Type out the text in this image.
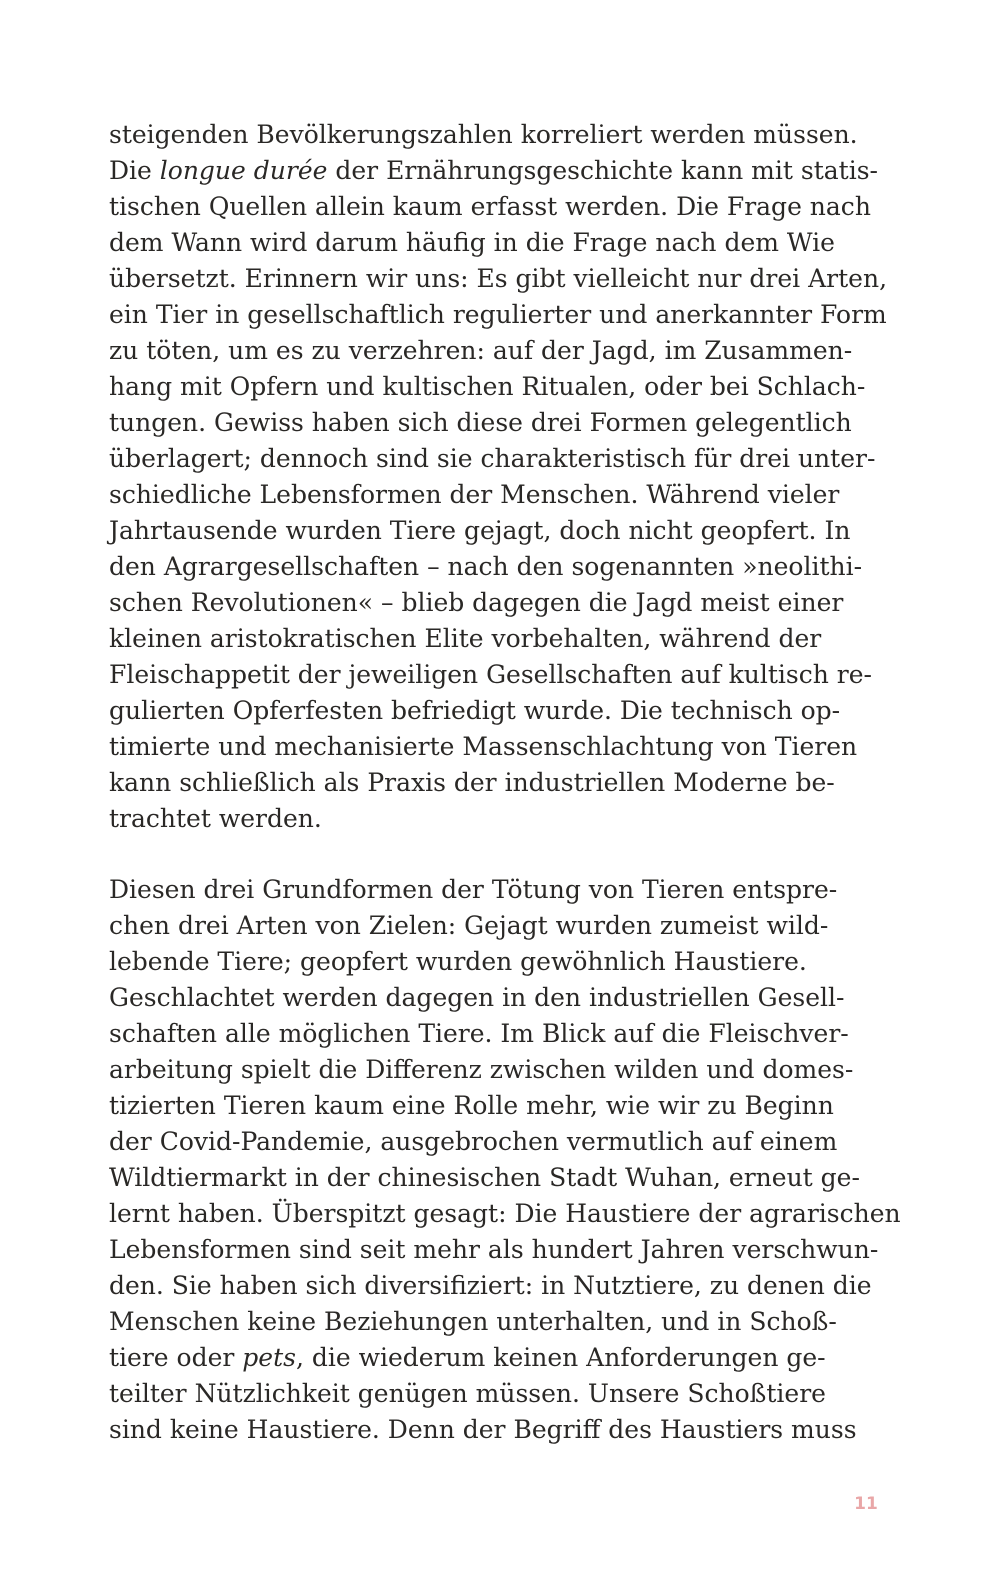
steigenden Bevölkerungszahlen korreliert werden müssen.
Die longue durée der Ernährungsgeschichte kann mit statis-
tischen Quellen allein kaum erfasst werden. Die Frage nach
dem Wann wird darum häufig in die Frage nach dem Wie
übersetzt. Erinnern wir uns: Es gibt vielleicht nur drei Arten,
ein Tier in gesellschaftlich regulierter und anerkannter Form
zu töten, um es zu verzehren: auf der Jagd, im Zusammen-
hang mit Opfern und kultischen Ritualen, oder bei Schlach-
tungen. Gewiss haben sich diese drei Formen gelegentlich
überlagert; dennoch sind sie charakteristisch für drei unter-
schiedliche Lebensformen der Menschen. Während vieler
Jahrtausende wurden Tiere gejagt, doch nicht geopfert. In
den Agrargesellschaften – nach den sogenannten »neolithi-
schen Revolutionen« – blieb dagegen die Jagd meist einer
kleinen aristokratischen Elite vorbehalten, während der
Fleischappetit der jeweiligen Gesellschaften auf kultisch re-
gulierten Opferfesten befriedigt wurde. Die technisch op-
timierte und mechanisierte Massenschlachtung von Tieren
kann schließlich als Praxis der industriellen Moderne be-
trachtet werden.
Diesen drei Grundformen der Tötung von Tieren entspre-
chen drei Arten von Zielen: Gejagt wurden zumeist wild-
lebende Tiere; geopfert wurden gewöhnlich Haustiere.
Geschlachtet werden dagegen in den industriellen Gesell-
schaften alle möglichen Tiere. Im Blick auf die Fleischver-
arbeitung spielt die Differenz zwischen wilden und domes-
tizierten Tieren kaum eine Rolle mehr, wie wir zu Beginn
der Covid-Pandemie, ausgebrochen vermutlich auf einem
Wildtiermarkt in der chinesischen Stadt Wuhan, erneut ge-
lernt haben. Überspitzt gesagt: Die Haustiere der agrarischen
Lebensformen sind seit mehr als hundert Jahren verschwun-
den. Sie haben sich diversifiziert: in Nutztiere, zu denen die
Menschen keine Beziehungen unterhalten, und in Schoß-
tiere oder pets, die wiederum keinen Anforderungen ge-
teilter Nützlichkeit genügen müssen. Unsere Schoßtiere
sind keine Haustiere. Denn der Begriff des Haustiers muss
11
